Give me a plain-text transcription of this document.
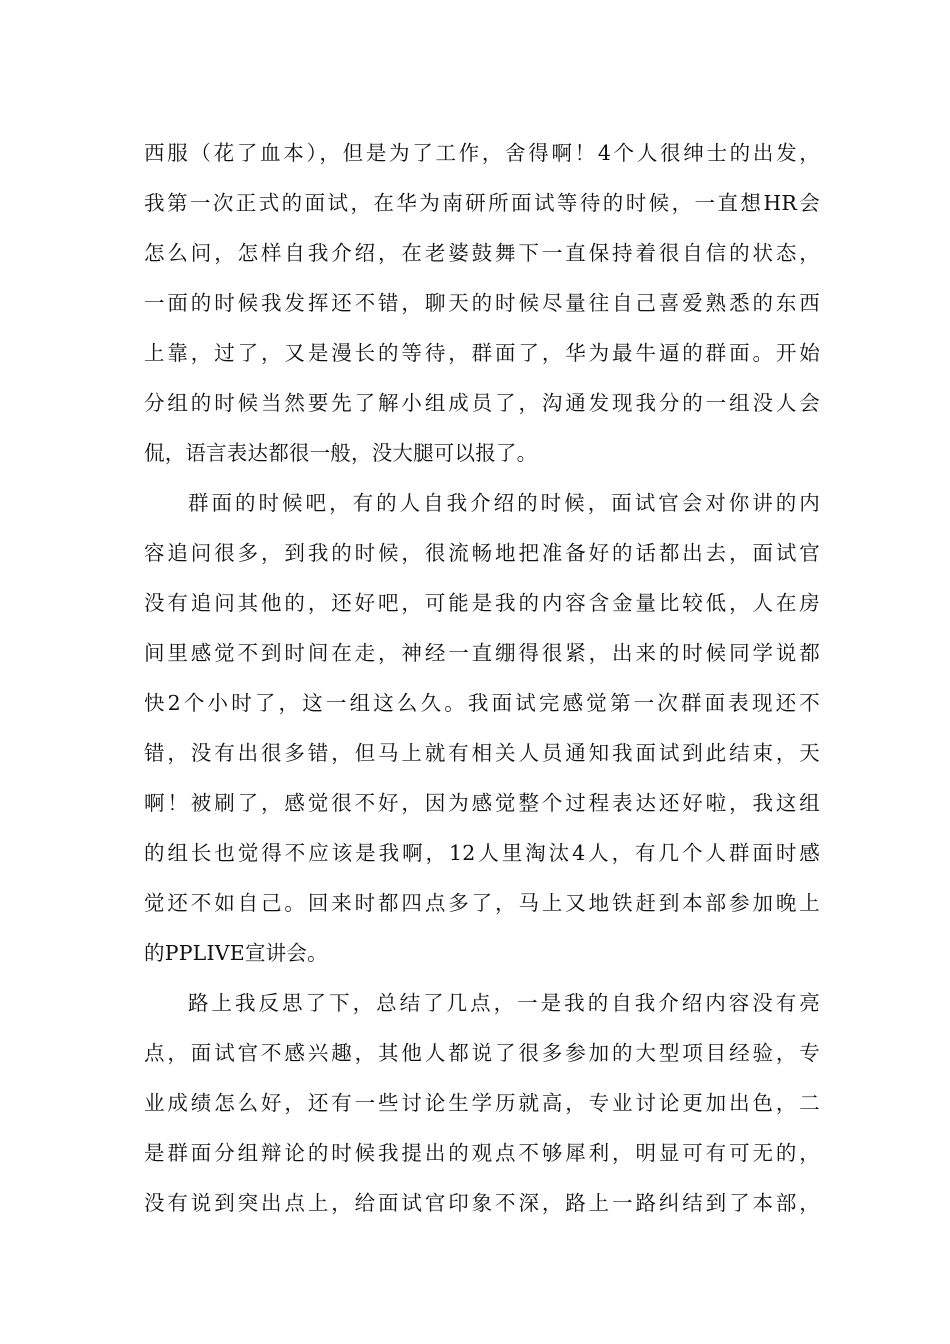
西服（花了血本），但是为了工作，舍得啊！4个人很绅士的出发，
我第一次正式的面试，在华为南研所面试等待的时候，一直想HR会
怎么问，怎样自我介绍，在老婆鼓舞下一直保持着很自信的状态，
一面的时候我发挥还不错，聊天的时候尽量往自己喜爱熟悉的东西
上靠，过了，又是漫长的等待，群面了，华为最牛逼的群面。开始
分组的时候当然要先了解小组成员了，沟通发现我分的一组没人会
侃，语言表达都很一般，没大腿可以报了。
群面的时候吧，有的人自我介绍的时候，面试官会对你讲的内
容追问很多，到我的时候，很流畅地把准备好的话都出去，面试官
没有追问其他的，还好吧，可能是我的内容含金量比较低，人在房
间里感觉不到时间在走，神经一直绷得很紧，出来的时候同学说都
快2个小时了，这一组这么久。我面试完感觉第一次群面表现还不
错，没有出很多错，但马上就有相关人员通知我面试到此结束，天
啊！被刷了，感觉很不好，因为感觉整个过程表达还好啦，我这组
的组长也觉得不应该是我啊，12人里淘汰4人，有几个人群面时感
觉还不如自己。回来时都四点多了，马上又地铁赶到本部参加晚上
的PPLIVE宣讲会。
路上我反思了下，总结了几点，一是我的自我介绍内容没有亮
点，面试官不感兴趣，其他人都说了很多参加的大型项目经验，专
业成绩怎么好，还有一些讨论生学历就高，专业讨论更加出色，二
是群面分组辩论的时候我提出的观点不够犀利，明显可有可无的，
没有说到突出点上，给面试官印象不深，路上一路纠结到了本部，
